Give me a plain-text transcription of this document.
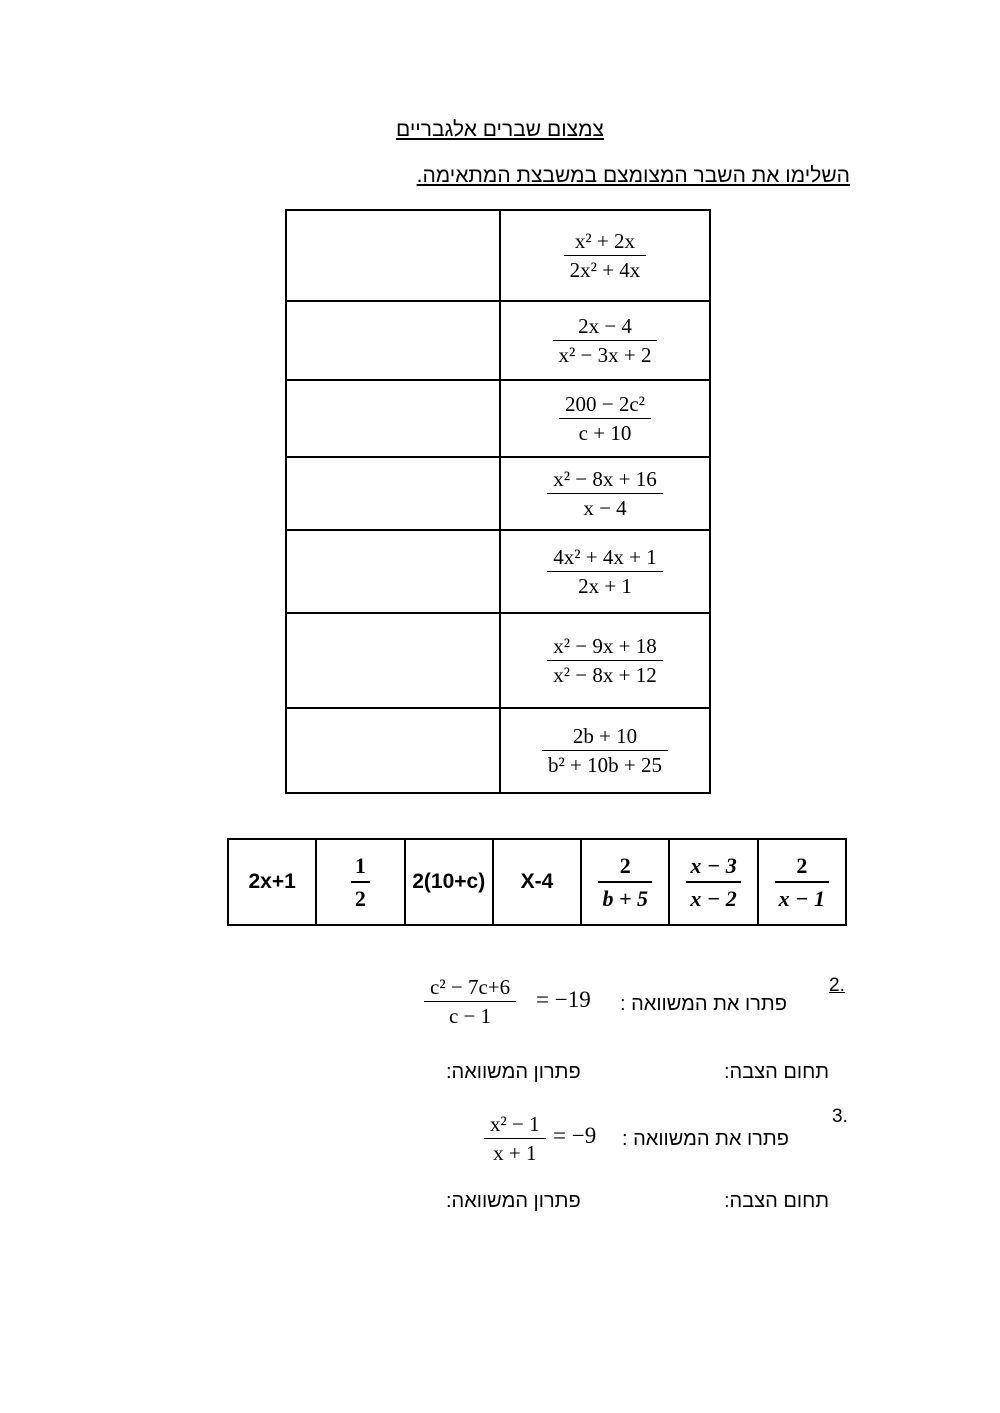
צמצום שברים אלגבריים
השלימו את השבר המצומצם במשבצת המתאימה.
$\frac{\text{x² + 2x}}{\text{2x² + 4x}}$
$\frac{2x - 4}{\text{x² − 3x + 2}}$
$\frac{\text{200 − 2c²}}{c + 10}$
$\frac{\text{x² − 8x + 16}}{x - 4}$
$\frac{\text{4x² + 4x + 1}}{2x + 1}$
$\frac{\text{x² − 9x + 18}}{\text{x² − 8x + 12}}$
$\frac{2b + 10}{\text{b² + 10b + 25}}$
2x+1	$\frac{1}{2} 2(10+c)$ $X-4 \frac{2}{b + 5} \frac{x - 3}{x - 2} \frac{2}{x - 1}$
2.
פתרו את המשוואה :
$\frac{\text{c² − 7c+6}}{c - 1} = -19$
תחום הצבה:
פתרון המשוואה:
3.
פתרו את המשוואה :
$\frac{\text{x² − 1}}{x + 1} = -9$
תחום הצבה:
פתרון המשוואה:
